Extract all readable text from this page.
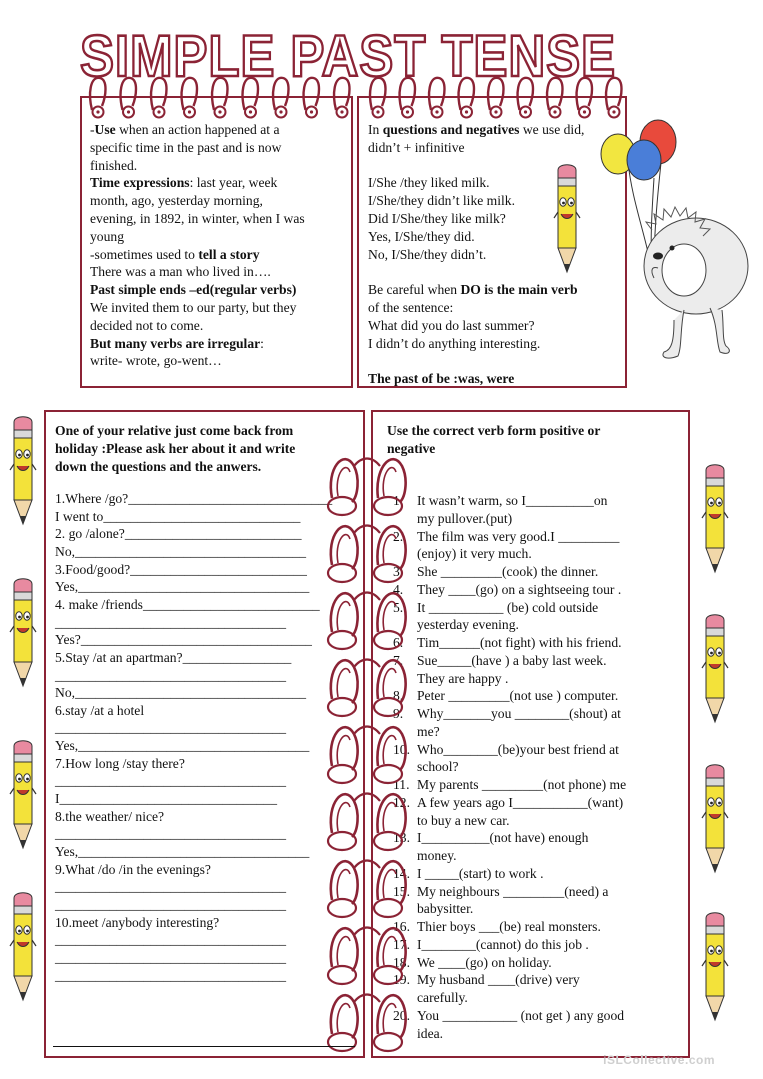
SIMPLE PAST TENSE
-Use when an action happened at a
specific time in the past and is now
finished.
Time expressions: last year, week
month, ago, yesterday morning,
evening, in 1892, in winter, when I was
young
-sometimes used to tell a story
There was a man who lived in….
Past simple ends –ed(regular verbs)
We invited them to our party, but they
decided not to come.
But many verbs are irregular:
write- wrote, go-went…
In questions and negatives we use did,
didn’t + infinitive
I/She /they liked milk.
I/She/they didn’t like milk.
Did I/She/they like milk?
Yes, I/She/they did.
No, I/She/they didn’t.
Be careful when DO is the main verb
of the sentence:
What did you do last summer?
I didn’t do anything interesting.
The past of be :was, were
One of your relative just come back from
holiday :Please ask her about it and write
down the questions and the anwers.
1.Where /go?______________________________
I went to_____________________________
2. go /alone?__________________________
No,__________________________________
3.Food/good?__________________________
Yes,__________________________________
4. make /friends__________________________
__________________________________
Yes?__________________________________
5.Stay /at an apartman?________________
__________________________________
No,__________________________________
6.stay /at a hotel
__________________________________
Yes,__________________________________
7.How long /stay there?
__________________________________
I________________________________
8.the weather/ nice?
__________________________________
Yes,__________________________________
9.What /do /in the evenings?
__________________________________
__________________________________
10.meet /anybody interesting?
__________________________________
__________________________________
__________________________________
Use the correct verb form positive or
negative
1. It wasn’t warm, so I__________on
my pullover.(put)
2. The film was very good.I _________
(enjoy) it very much.
3. She _________(cook) the dinner.
4. They ____(go) on a sightseeing tour .
5. It ___________ (be) cold outside
yesterday evening.
6. Tim______(not fight) with his friend.
7. Sue_____(have ) a baby last week.
They are happy .
8. Peter _________(not use ) computer.
9. Why_______you ________(shout) at
me?
10. Who________(be)your best friend at
school?
11. My parents _________(not phone) me
12. A few years ago I___________(want)
to buy a new car.
13. I__________(not have) enough
money.
14. I _____(start) to work .
15. My neighbours _________(need) a
babysitter.
16. Thier boys ___(be) real monsters.
17. I________(cannot) do this job .
18. We ____(go) on holiday.
19. My husband ____(drive) very
carefully.
20. You ___________ (not get ) any good
idea.
iSLCollective.com
